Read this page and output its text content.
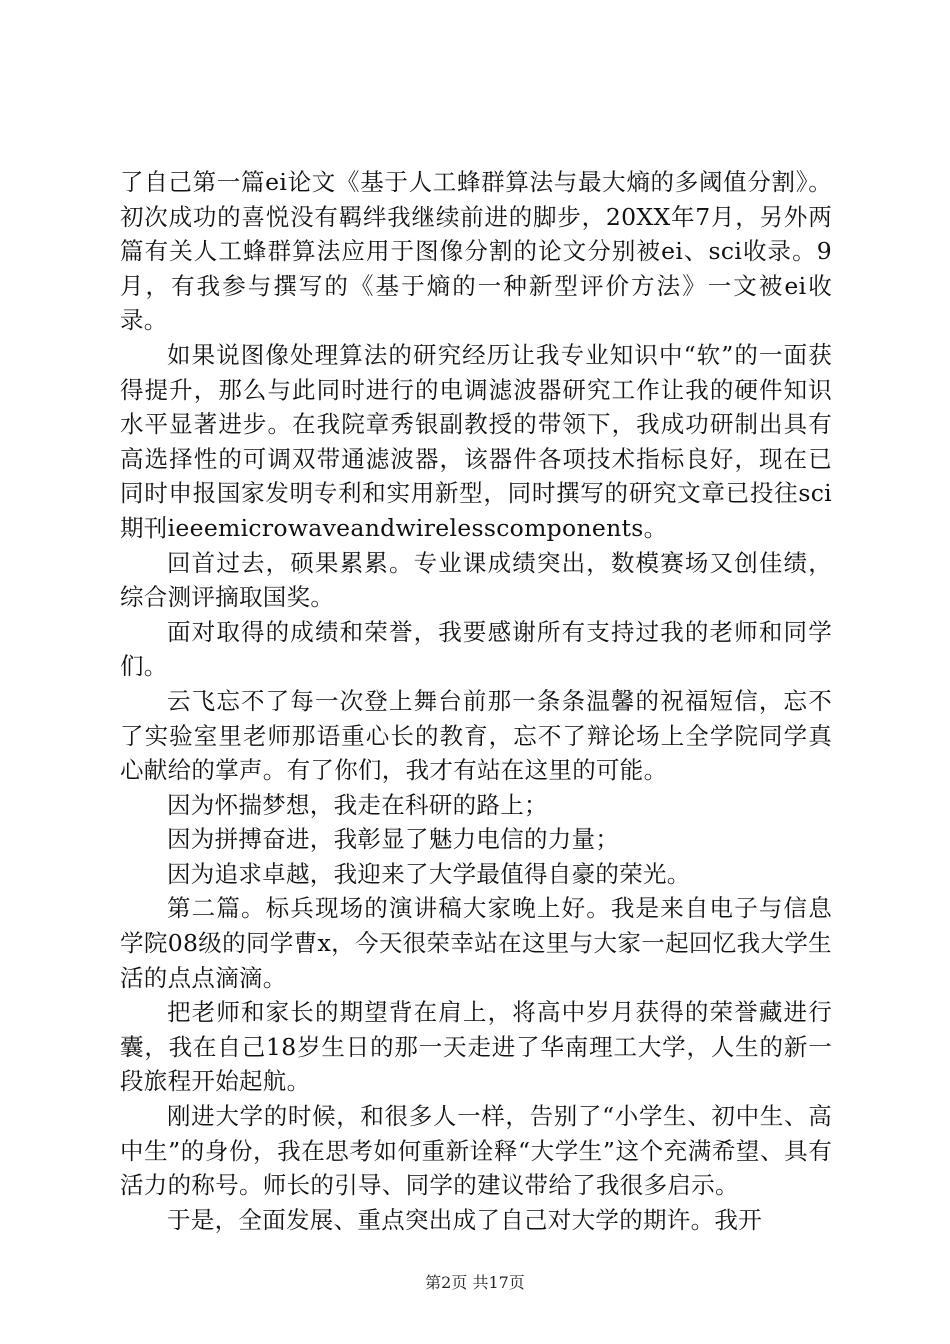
了自己第一篇ei论文《基于人工蜂群算法与最大熵的多阈值分割》。初次成功的喜悦没有羁绊我继续前进的脚步，20XX年7月，另外两篇有关人工蜂群算法应用于图像分割的论文分别被ei、sci收录。9月，有我参与撰写的《基于熵的一种新型评价方法》一文被ei收录。

如果说图像处理算法的研究经历让我专业知识中“软”的一面获得提升，那么与此同时进行的电调滤波器研究工作让我的硬件知识水平显著进步。在我院章秀银副教授的带领下，我成功研制出具有高选择性的可调双带通滤波器，该器件各项技术指标良好，现在已同时申报国家发明专利和实用新型，同时撰写的研究文章已投往sci期刊ieeemicrowaveandwirelesscomponents。

回首过去，硕果累累。专业课成绩突出，数模赛场又创佳绩，综合测评摘取国奖。

面对取得的成绩和荣誉，我要感谢所有支持过我的老师和同学们。

云飞忘不了每一次登上舞台前那一条条温馨的祝福短信，忘不了实验室里老师那语重心长的教育，忘不了辩论场上全学院同学真心献给的掌声。有了你们，我才有站在这里的可能。

因为怀揣梦想，我走在科研的路上；

因为拼搏奋进，我彰显了魅力电信的力量；

因为追求卓越，我迎来了大学最值得自豪的荣光。

第二篇。标兵现场的演讲稿大家晚上好。我是来自电子与信息学院08级的同学曹x，今天很荣幸站在这里与大家一起回忆我大学生活的点点滴滴。

把老师和家长的期望背在肩上，将高中岁月获得的荣誉藏进行囊，我在自己18岁生日的那一天走进了华南理工大学，人生的新一段旅程开始起航。

刚进大学的时候，和很多人一样，告别了“小学生、初中生、高中生”的身份，我在思考如何重新诠释“大学生”这个充满希望、具有活力的称号。师长的引导、同学的建议带给了我很多启示。

于是，全面发展、重点突出成了自己对大学的期许。我开

第2页 共17页
